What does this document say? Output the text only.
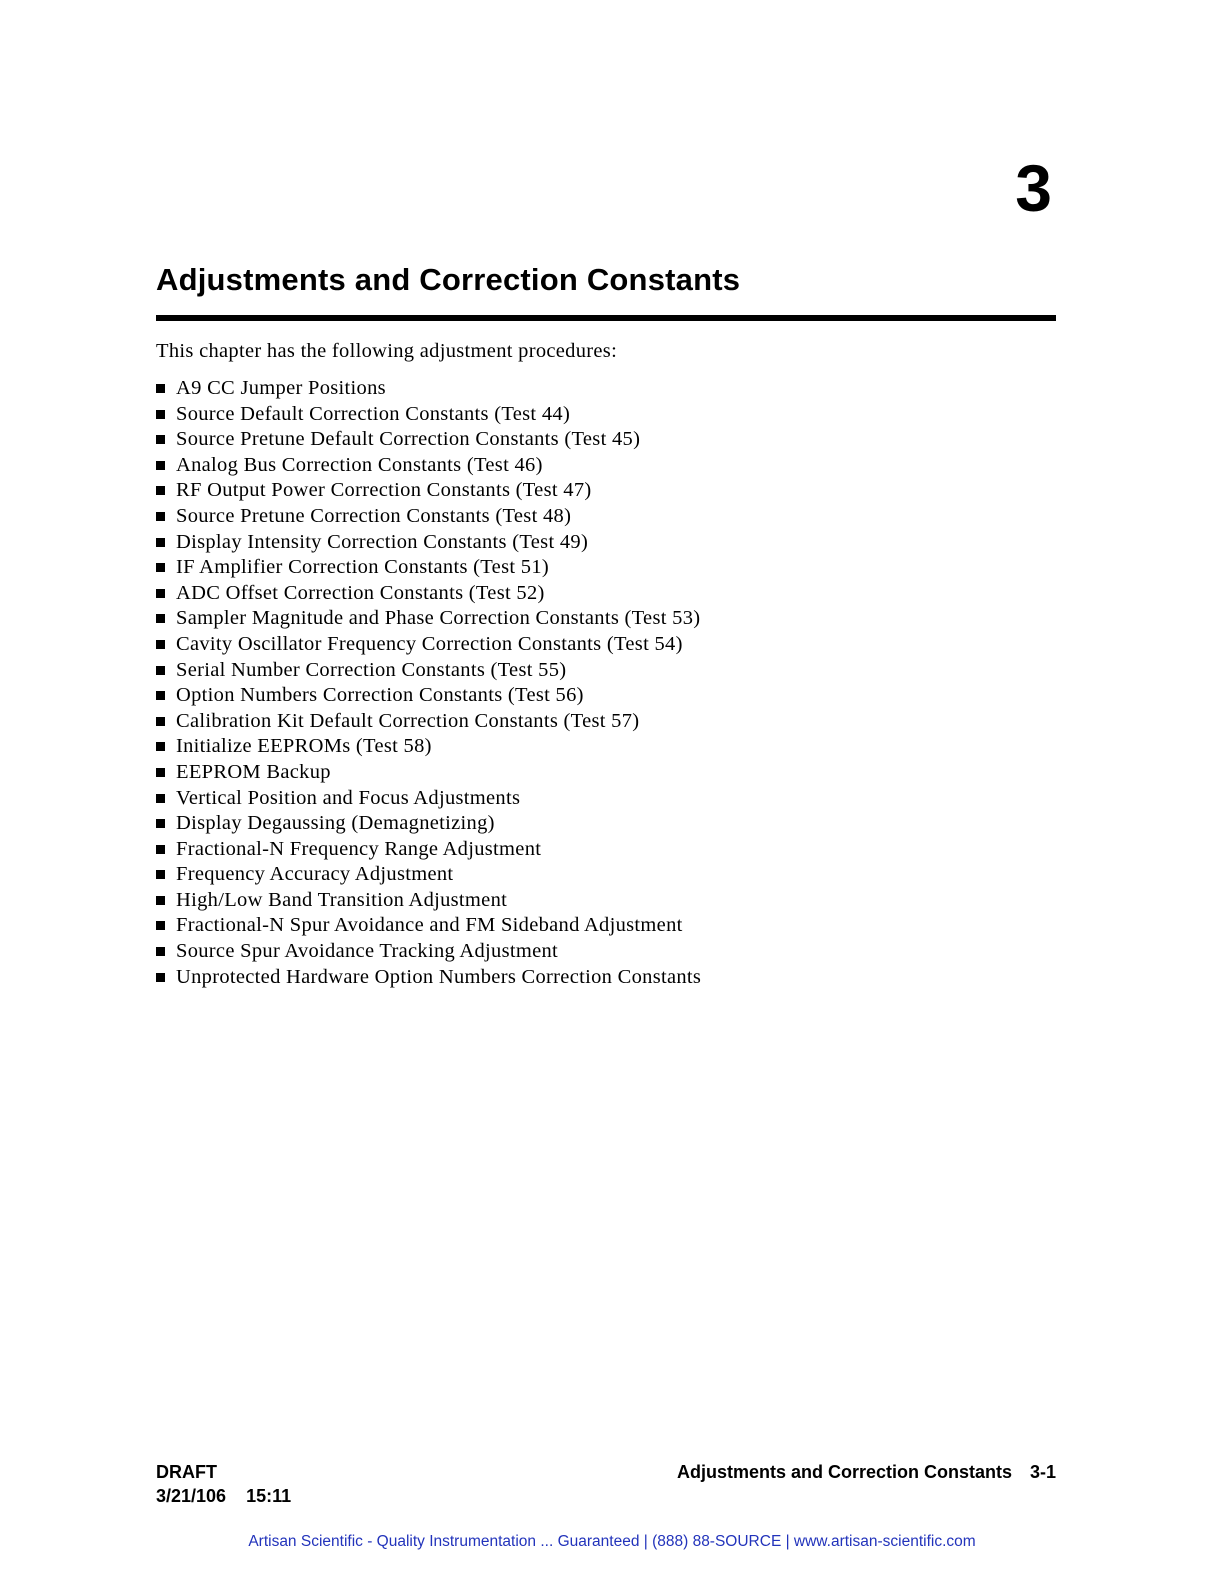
3
Adjustments and Correction Constants

This chapter has the following adjustment procedures:

A9 CC Jumper Positions
Source Default Correction Constants (Test 44)
Source Pretune Default Correction Constants (Test 45)
Analog Bus Correction Constants (Test 46)
RF Output Power Correction Constants (Test 47)
Source Pretune Correction Constants (Test 48)
Display Intensity Correction Constants (Test 49)
IF Amplifier Correction Constants (Test 51)
ADC Offset Correction Constants (Test 52)
Sampler Magnitude and Phase Correction Constants (Test 53)
Cavity Oscillator Frequency Correction Constants (Test 54)
Serial Number Correction Constants (Test 55)
Option Numbers Correction Constants (Test 56)
Calibration Kit Default Correction Constants (Test 57)
Initialize EEPROMs (Test 58)
EEPROM Backup
Vertical Position and Focus Adjustments
Display Degaussing (Demagnetizing)
Fractional-N Frequency Range Adjustment
Frequency Accuracy Adjustment
High/Low Band Transition Adjustment
Fractional-N Spur Avoidance and FM Sideband Adjustment
Source Spur Avoidance Tracking Adjustment
Unprotected Hardware Option Numbers Correction Constants
DRAFT
3/21/106 15:11
Adjustments and Correction Constants 3-1
Artisan Scientific - Quality Instrumentation ... Guaranteed | (888) 88-SOURCE | www.artisan-scientific.com
